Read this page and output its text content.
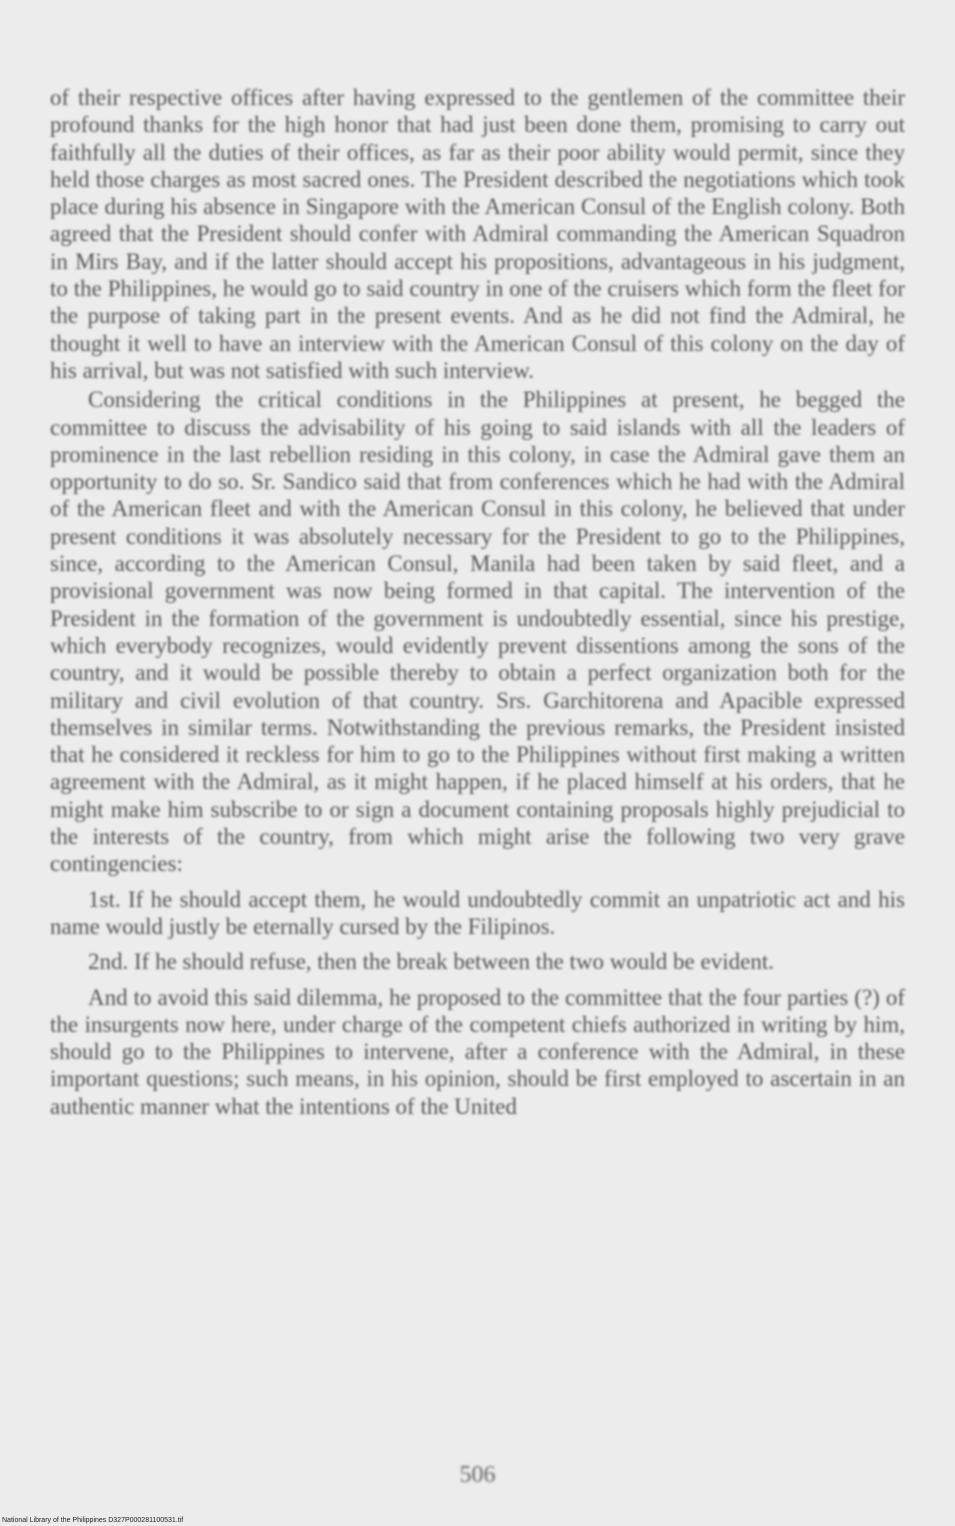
of their respective offices after having expressed to the gentlemen of the committee their profound thanks for the high honor that had just been done them, promising to carry out faithfully all the duties of their offices, as far as their poor ability would permit, since they held those charges as most sacred ones. The President described the negotiations which took place during his absence in Singapore with the American Consul of the English colony. Both agreed that the President should confer with Admiral commanding the American Squadron in Mirs Bay, and if the latter should accept his propositions, advantageous in his judgment, to the Philippines, he would go to said country in one of the cruisers which form the fleet for the purpose of taking part in the present events. And as he did not find the Admiral, he thought it well to have an interview with the American Consul of this colony on the day of his arrival, but was not satisfied with such interview.

Considering the critical conditions in the Philippines at present, he begged the committee to discuss the advisability of his going to said islands with all the leaders of prominence in the last rebellion residing in this colony, in case the Admiral gave them an opportunity to do so. Sr. Sandico said that from conferences which he had with the Admiral of the American fleet and with the American Consul in this colony, he believed that under present conditions it was absolutely necessary for the President to go to the Philippines, since, according to the American Consul, Manila had been taken by said fleet, and a provisional government was now being formed in that capital. The intervention of the President in the formation of the government is undoubtedly essential, since his prestige, which everybody recognizes, would evidently prevent dissentions among the sons of the country, and it would be possible thereby to obtain a perfect organization both for the military and civil evolution of that country. Srs. Garchitorena and Apacible expressed themselves in similar terms. Notwithstanding the previous remarks, the President insisted that he considered it reckless for him to go to the Philippines without first making a written agreement with the Admiral, as it might happen, if he placed himself at his orders, that he might make him subscribe to or sign a document containing proposals highly prejudicial to the interests of the country, from which might arise the following two very grave contingencies:

1st. If he should accept them, he would undoubtedly commit an unpatriotic act and his name would justly be eternally cursed by the Filipinos.

2nd. If he should refuse, then the break between the two would be evident.

And to avoid this said dilemma, he proposed to the committee that the four parties (?) of the insurgents now here, under charge of the competent chiefs authorized in writing by him, should go to the Philippines to intervene, after a conference with the Admiral, in these important questions; such means, in his opinion, should be first employed to ascertain in an authentic manner what the intentions of the United

506
National Library of the Philippines D327P000281100531.tif
